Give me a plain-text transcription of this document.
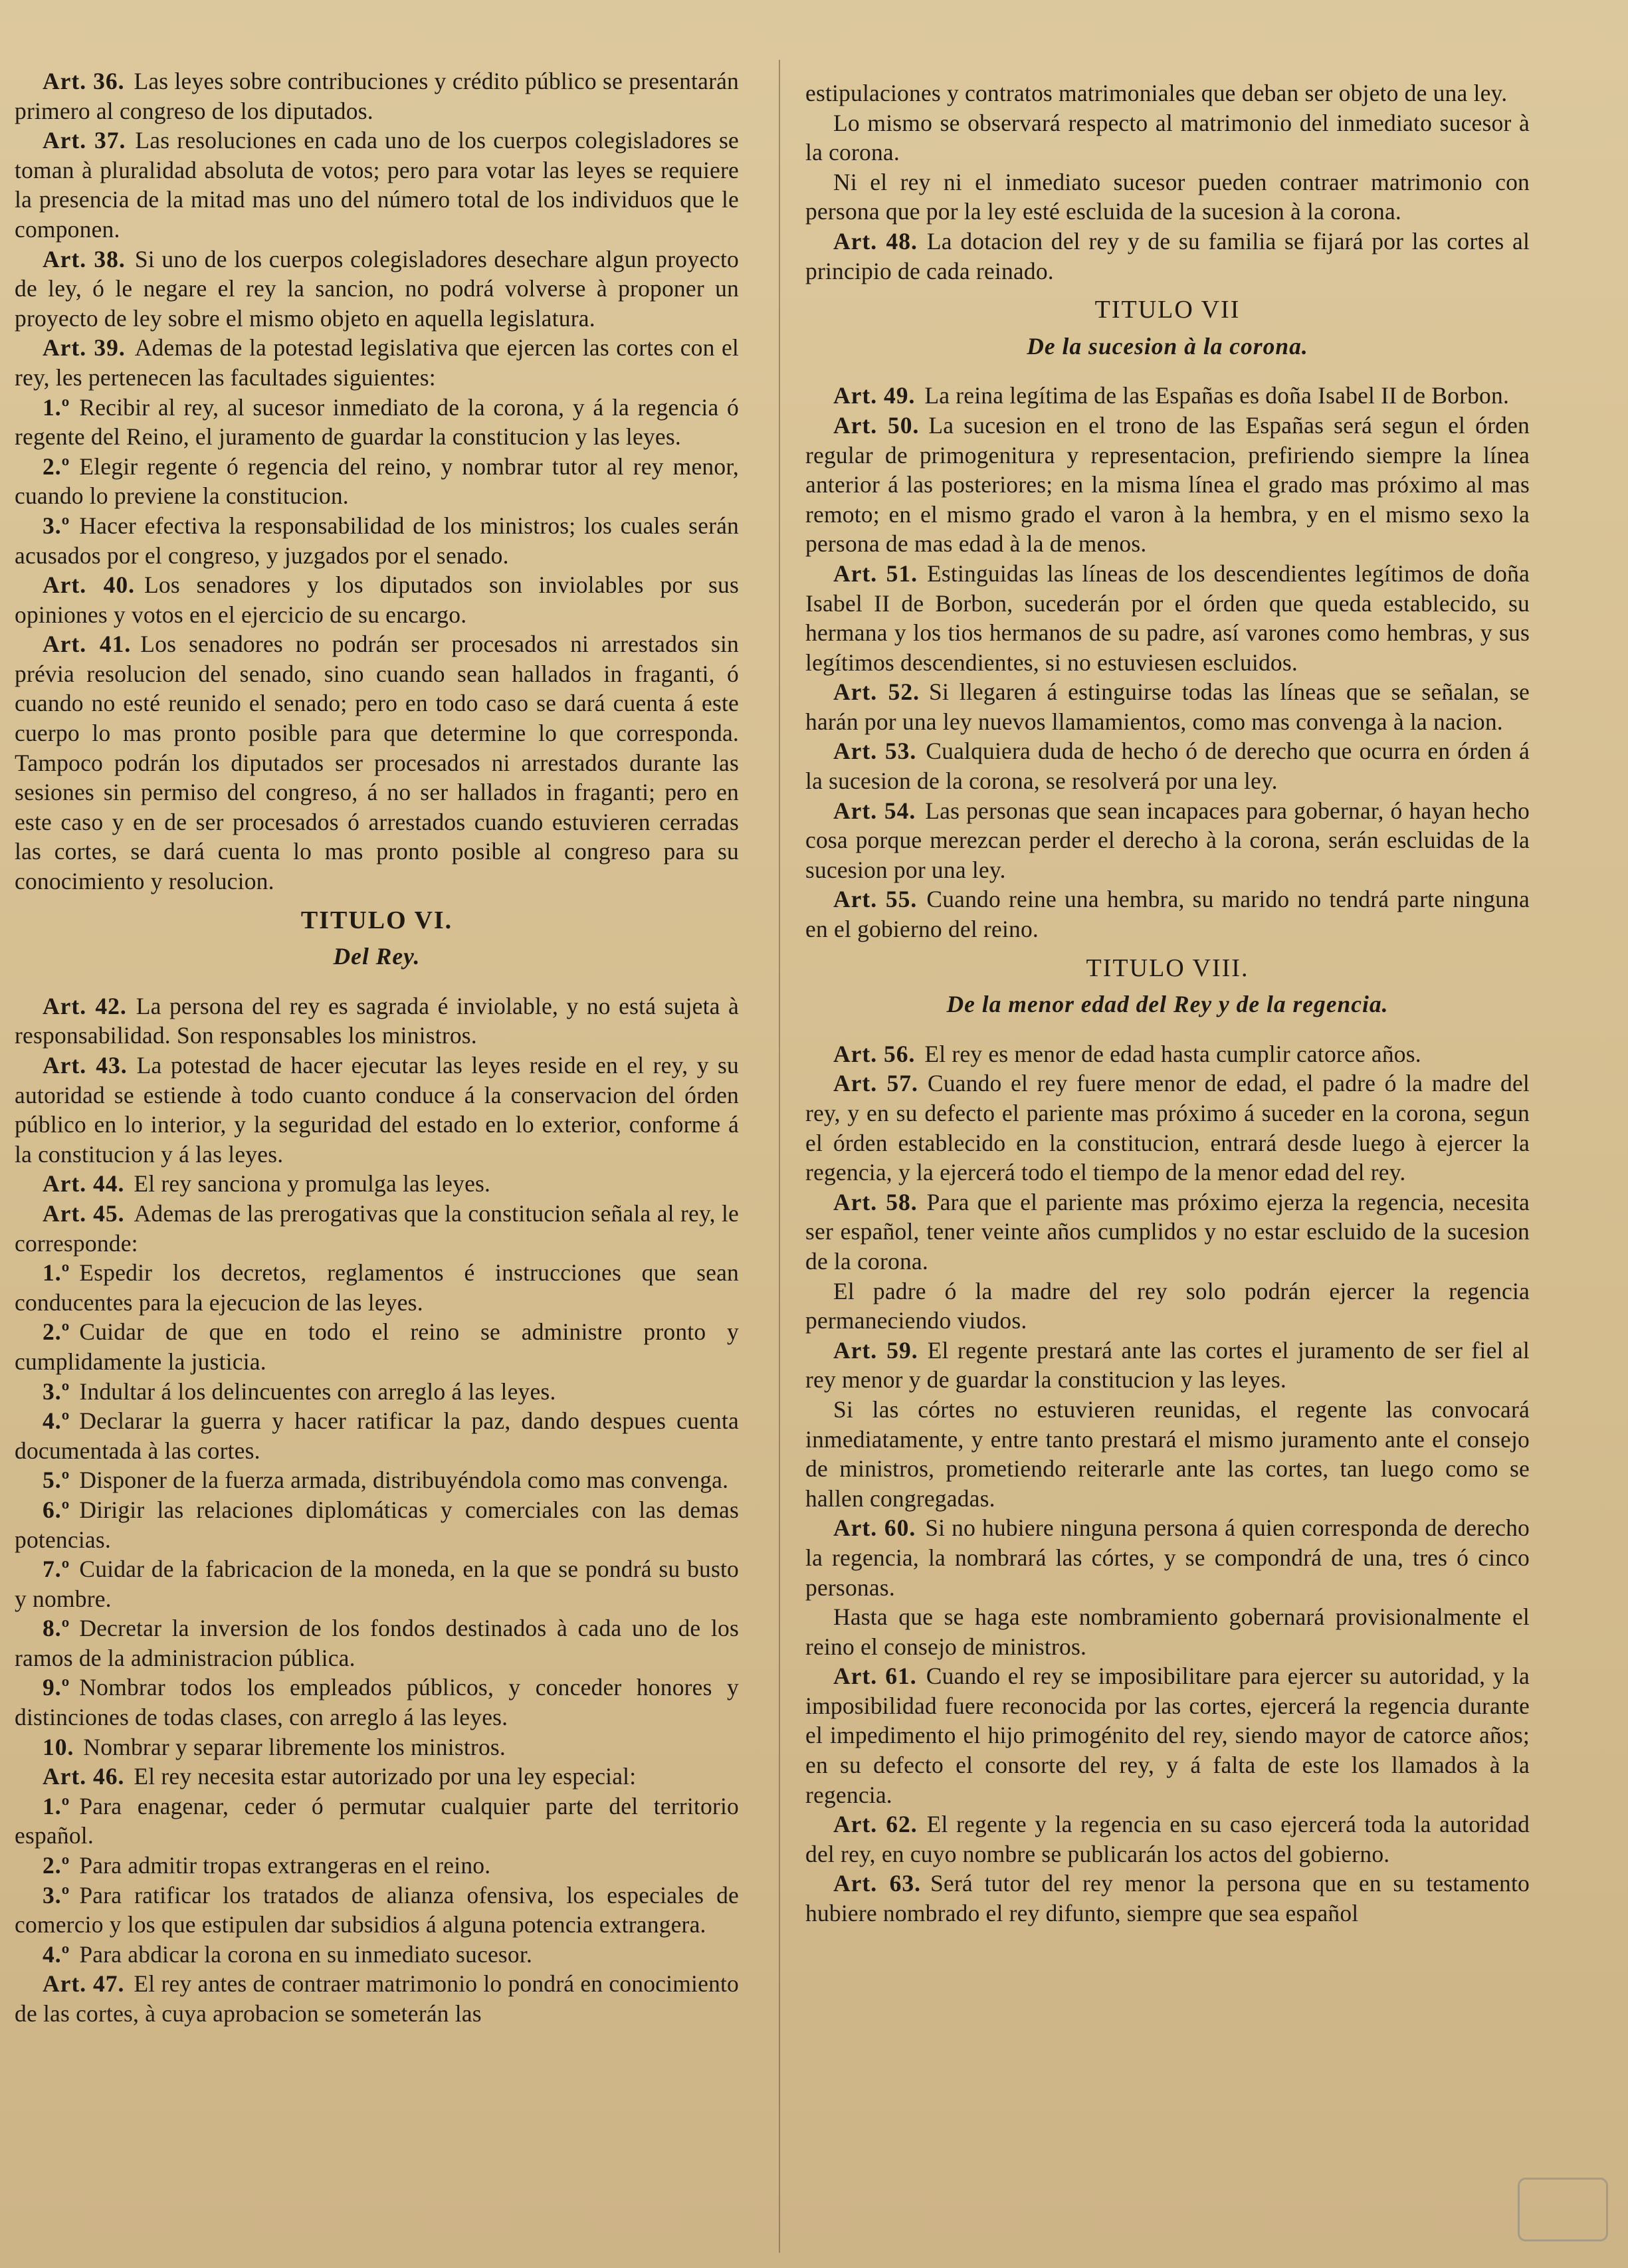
Art. 36. Las leyes sobre contribuciones y crédito público se presentarán primero al congreso de los diputados.

Art. 37. Las resoluciones en cada uno de los cuerpos colegisladores se toman à pluralidad absoluta de votos; pero para votar las leyes se requiere la presencia de la mitad mas uno del número total de los individuos que le componen.

Art. 38. Si uno de los cuerpos colegisladores desechare algun proyecto de ley, ó le negare el rey la sancion, no podrá volverse à proponer un proyecto de ley sobre el mismo objeto en aquella legislatura.

Art. 39. Ademas de la potestad legislativa que ejercen las cortes con el rey, les pertenecen las facultades siguientes:

1.º Recibir al rey, al sucesor inmediato de la corona, y á la regencia ó regente del Reino, el juramento de guardar la constitucion y las leyes.

2.º Elegir regente ó regencia del reino, y nombrar tutor al rey menor, cuando lo previene la constitucion.

3.º Hacer efectiva la responsabilidad de los ministros; los cuales serán acusados por el congreso, y juzgados por el senado.

Art. 40. Los senadores y los diputados son inviolables por sus opiniones y votos en el ejercicio de su encargo.

Art. 41. Los senadores no podrán ser procesados ni arrestados sin prévia resolucion del senado, sino cuando sean hallados in fraganti, ó cuando no esté reunido el senado; pero en todo caso se dará cuenta á este cuerpo lo mas pronto posible para que determine lo que corresponda. Tampoco podrán los diputados ser procesados ni arrestados durante las sesiones sin permiso del congreso, á no ser hallados in fraganti; pero en este caso y en de ser procesados ó arrestados cuando estuvieren cerradas las cortes, se dará cuenta lo mas pronto posible al congreso para su conocimiento y resolucion.

TITULO VI.
Del Rey.

Art. 42. La persona del rey es sagrada é inviolable, y no está sujeta à responsabilidad. Son responsables los ministros.

Art. 43. La potestad de hacer ejecutar las leyes reside en el rey, y su autoridad se estiende à todo cuanto conduce á la conservacion del órden público en lo interior, y la seguridad del estado en lo exterior, conforme á la constitucion y á las leyes.

Art. 44. El rey sanciona y promulga las leyes.

Art. 45. Ademas de las prerogativas que la constitucion señala al rey, le corresponde:

1.º Espedir los decretos, reglamentos é instrucciones que sean conducentes para la ejecucion de las leyes.

2.º Cuidar de que en todo el reino se administre pronto y cumplidamente la justicia.

3.º Indultar á los delincuentes con arreglo á las leyes.

4.º Declarar la guerra y hacer ratificar la paz, dando despues cuenta documentada à las cortes.

5.º Disponer de la fuerza armada, distribuyéndola como mas convenga.

6.º Dirigir las relaciones diplomáticas y comerciales con las demas potencias.

7.º Cuidar de la fabricacion de la moneda, en la que se pondrá su busto y nombre.

8.º Decretar la inversion de los fondos destinados à cada uno de los ramos de la administracion pública.

9.º Nombrar todos los empleados públicos, y conceder honores y distinciones de todas clases, con arreglo á las leyes.

10. Nombrar y separar libremente los ministros.

Art. 46. El rey necesita estar autorizado por una ley especial:

1.º Para enagenar, ceder ó permutar cualquier parte del territorio español.

2.º Para admitir tropas extrangeras en el reino.

3.º Para ratificar los tratados de alianza ofensiva, los especiales de comercio y los que estipulen dar subsidios á alguna potencia extrangera.

4.º Para abdicar la corona en su inmediato sucesor.

Art. 47. El rey antes de contraer matrimonio lo pondrá en conocimiento de las cortes, à cuya aprobacion se someterán las

estipulaciones y contratos matrimoniales que deban ser objeto de una ley.

Lo mismo se observará respecto al matrimonio del inmediato sucesor à la corona.

Ni el rey ni el inmediato sucesor pueden contraer matrimonio con persona que por la ley esté escluida de la sucesion à la corona.

Art. 48. La dotacion del rey y de su familia se fijará por las cortes al principio de cada reinado.

TITULO VII
De la sucesion à la corona.

Art. 49. La reina legítima de las Españas es doña Isabel II de Borbon.

Art. 50. La sucesion en el trono de las Españas será segun el órden regular de primogenitura y representacion, prefiriendo siempre la línea anterior á las posteriores; en la misma línea el grado mas próximo al mas remoto; en el mismo grado el varon à la hembra, y en el mismo sexo la persona de mas edad à la de menos.

Art. 51. Estinguidas las líneas de los descendientes legítimos de doña Isabel II de Borbon, sucederán por el órden que queda establecido, su hermana y los tios hermanos de su padre, así varones como hembras, y sus legítimos descendientes, si no estuviesen escluidos.

Art. 52. Si llegaren á estinguirse todas las líneas que se señalan, se harán por una ley nuevos llamamientos, como mas convenga à la nacion.

Art. 53. Cualquiera duda de hecho ó de derecho que ocurra en órden á la sucesion de la corona, se resolverá por una ley.

Art. 54. Las personas que sean incapaces para gobernar, ó hayan hecho cosa porque merezcan perder el derecho à la corona, serán escluidas de la sucesion por una ley.

Art. 55. Cuando reine una hembra, su marido no tendrá parte ninguna en el gobierno del reino.

TITULO VIII.
De la menor edad del Rey y de la regencia.

Art. 56. El rey es menor de edad hasta cumplir catorce años.

Art. 57. Cuando el rey fuere menor de edad, el padre ó la madre del rey, y en su defecto el pariente mas próximo á suceder en la corona, segun el órden establecido en la constitucion, entrará desde luego à ejercer la regencia, y la ejercerá todo el tiempo de la menor edad del rey.

Art. 58. Para que el pariente mas próximo ejerza la regencia, necesita ser español, tener veinte años cumplidos y no estar escluido de la sucesion de la corona.

El padre ó la madre del rey solo podrán ejercer la regencia permaneciendo viudos.

Art. 59. El regente prestará ante las cortes el juramento de ser fiel al rey menor y de guardar la constitucion y las leyes.

Si las córtes no estuvieren reunidas, el regente las convocará inmediatamente, y entre tanto prestará el mismo juramento ante el consejo de ministros, prometiendo reiterarle ante las cortes, tan luego como se hallen congregadas.

Art. 60. Si no hubiere ninguna persona á quien corresponda de derecho la regencia, la nombrará las córtes, y se compondrá de una, tres ó cinco personas.

Hasta que se haga este nombramiento gobernará provisionalmente el reino el consejo de ministros.

Art. 61. Cuando el rey se imposibilitare para ejercer su autoridad, y la imposibilidad fuere reconocida por las cortes, ejercerá la regencia durante el impedimento el hijo primogénito del rey, siendo mayor de catorce años; en su defecto el consorte del rey, y á falta de este los llamados à la regencia.

Art. 62. El regente y la regencia en su caso ejercerá toda la autoridad del rey, en cuyo nombre se publicarán los actos del gobierno.

Art. 63. Será tutor del rey menor la persona que en su testamento hubiere nombrado el rey difunto, siempre que sea español
